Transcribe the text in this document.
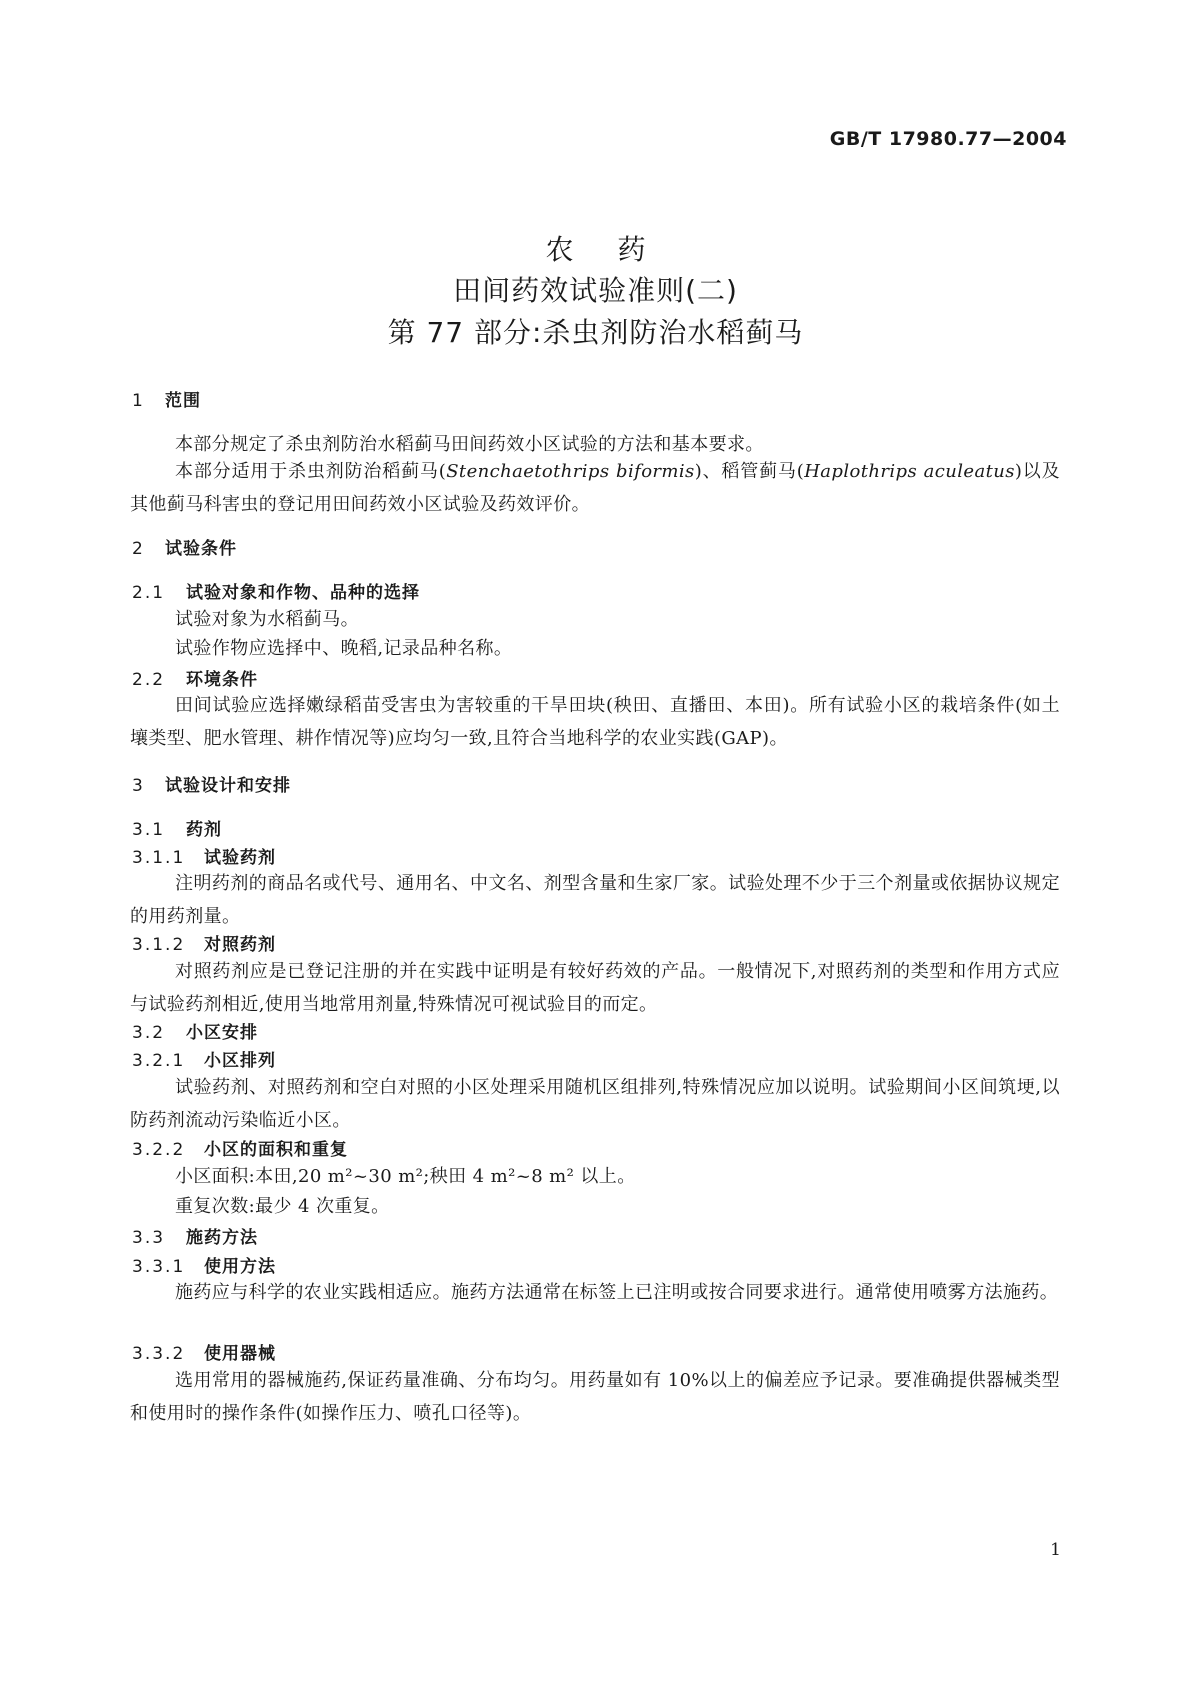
GB/T 17980.77—2004
农药
田间药效试验准则(二)
第 77 部分:杀虫剂防治水稻蓟马
1 范围
本部分规定了杀虫剂防治水稻蓟马田间药效小区试验的方法和基本要求。
本部分适用于杀虫剂防治稻蓟马(Stenchaetothrips biformis)、稻管蓟马(Haplothrips aculeatus)以及其他蓟马科害虫的登记用田间药效小区试验及药效评价。
2 试验条件
2.1 试验对象和作物、品种的选择
试验对象为水稻蓟马。
试验作物应选择中、晚稻,记录品种名称。
2.2 环境条件
田间试验应选择嫩绿稻苗受害虫为害较重的干旱田块(秧田、直播田、本田)。所有试验小区的栽培条件(如土壤类型、肥水管理、耕作情况等)应均匀一致,且符合当地科学的农业实践(GAP)。
3 试验设计和安排
3.1 药剂
3.1.1 试验药剂
注明药剂的商品名或代号、通用名、中文名、剂型含量和生家厂家。试验处理不少于三个剂量或依据协议规定的用药剂量。
3.1.2 对照药剂
对照药剂应是已登记注册的并在实践中证明是有较好药效的产品。一般情况下,对照药剂的类型和作用方式应与试验药剂相近,使用当地常用剂量,特殊情况可视试验目的而定。
3.2 小区安排
3.2.1 小区排列
试验药剂、对照药剂和空白对照的小区处理采用随机区组排列,特殊情况应加以说明。试验期间小区间筑埂,以防药剂流动污染临近小区。
3.2.2 小区的面积和重复
小区面积:本田,20 m²~30 m²;秧田 4 m²~8 m² 以上。
重复次数:最少 4 次重复。
3.3 施药方法
3.3.1 使用方法
施药应与科学的农业实践相适应。施药方法通常在标签上已注明或按合同要求进行。通常使用喷雾方法施药。
3.3.2 使用器械
选用常用的器械施药,保证药量准确、分布均匀。用药量如有 10%以上的偏差应予记录。要准确提供器械类型和使用时的操作条件(如操作压力、喷孔口径等)。
1
